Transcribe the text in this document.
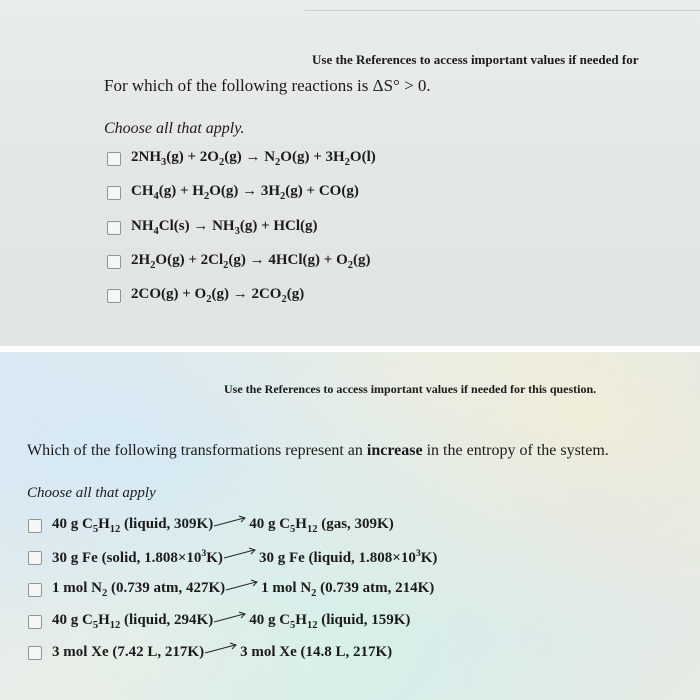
Use the References to access important values if needed for
For which of the following reactions is ΔS° > 0.
Choose all that apply.
$2NH_3(g) + 2O_2(g) \to N_2O(g) + 3H_2O(l)$
$CH_4(g) + H_2O(g) \to 3H_2(g) + CO(g)$
$NH_4Cl(s) \to NH_3(g) + HCl(g)$
$2H_2O(g) + 2Cl_2(g) \to 4HCl(g) + O_2(g)$
$2CO(g) + O_2(g) \to 2CO_2(g)$
Use the References to access important values if needed for this question.
Which of the following transformations represent an increase in the entropy of the system.
Choose all that apply
40 g $C_5H_{12}$ (liquid, 309K) 40 g $C_5H_{12}$ (gas, 309K)
30 g Fe (solid, $1.808\times 10^3K$) 30 g Fe (liquid, $1.808\times 10^3K$)
1 mol $N_2$ (0.739 atm, 427K) 1 mol $N_2$ (0.739 atm, 214K)
40 g $C_5H_{12}$ (liquid, 294K) 40 g $C_5H_{12}$ (liquid, 159K)
3 mol Xe (7.42 L, 217K) 3 mol Xe (14.8 L, 217K)
